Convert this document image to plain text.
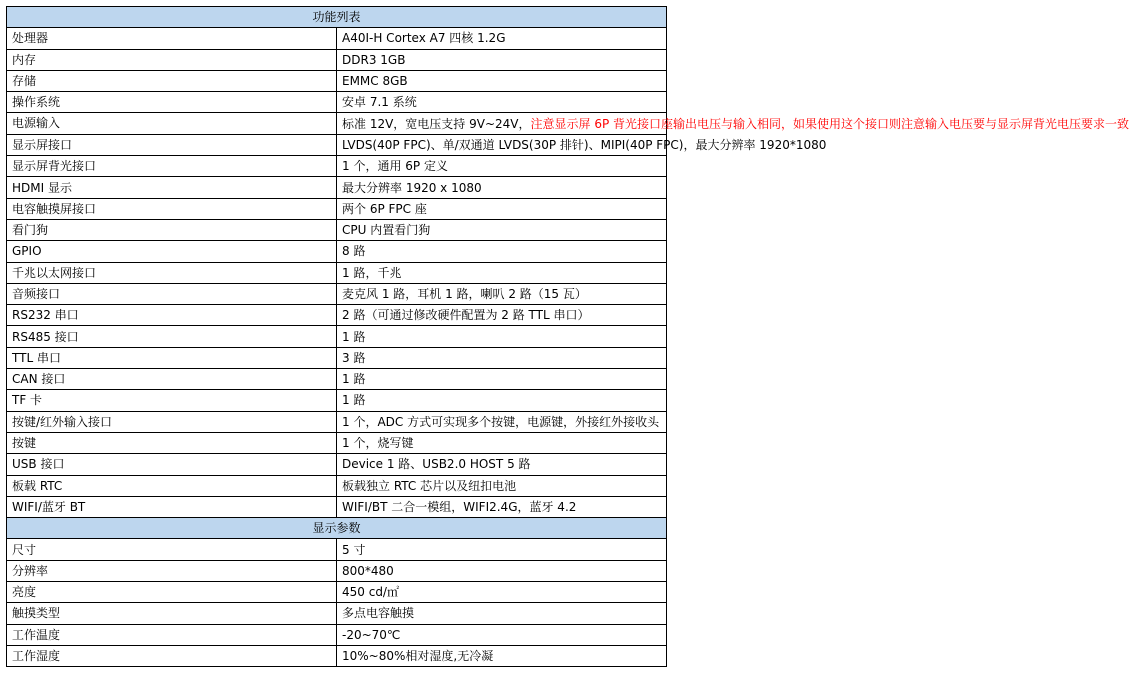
功能列表	
处理器	A40I-H Cortex A7 四核 1.2G
内存	DDR3 1GB
存储	EMMC 8GB
操作系统	安卓 7.1 系统
电源输入	标准 12V，宽电压支持 9V~24V，注意显示屏 6P 背光接口座输出电压与输入相同，如果使用这个接口则注意输入电压要与显示屏背光电压要求一致
显示屏接口	LVDS(40P FPC)、单/双通道 LVDS(30P 排针)、MIPI(40P FPC)，最大分辨率 1920*1080
显示屏背光接口	1 个，通用 6P 定义
HDMI 显示	最大分辨率 1920 x 1080
电容触摸屏接口	两个 6P FPC 座
看门狗	CPU 内置看门狗
GPIO	8 路
千兆以太网接口	1 路，千兆
音频接口	麦克风 1 路，耳机 1 路，喇叭 2 路（15 瓦）
RS232 串口	2 路（可通过修改硬件配置为 2 路 TTL 串口）
RS485 接口	1 路
TTL 串口	3 路
CAN 接口	1 路
TF 卡	1 路
按键/红外输入接口	1 个，ADC 方式可实现多个按键，电源键，外接红外接收头
按键	1 个，烧写键
USB 接口	Device 1 路、USB2.0 HOST 5 路
板载 RTC	板载独立 RTC 芯片以及纽扣电池
WIFI/蓝牙 BT	WIFI/BT 二合一模组，WIFI2.4G，蓝牙 4.2
显示参数	
尺寸	5 寸
分辨率	800*480
亮度	450 cd/㎡
触摸类型	多点电容触摸
工作温度	-20~70℃
工作湿度	10%~80%相对湿度,无冷凝
